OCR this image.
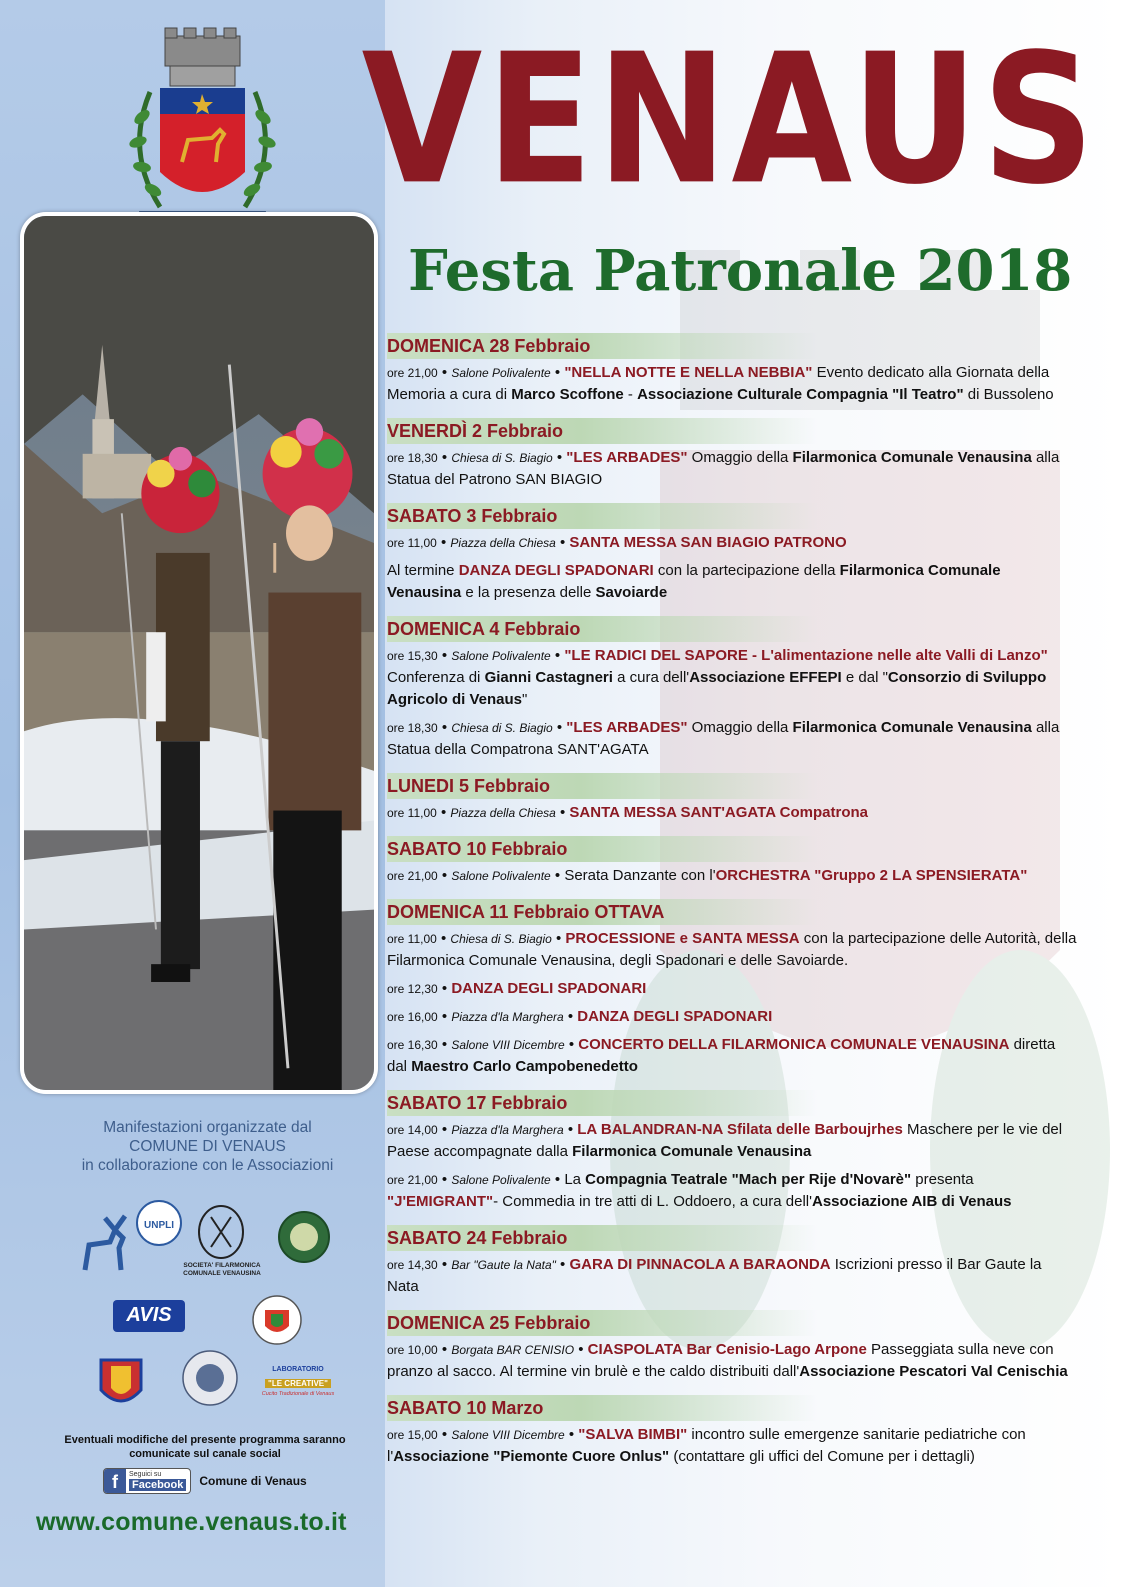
Manifestazioni organizzate dal
COMUNE DI VENAUS
in collaborazione con le Associazioni
UNPLI
SOCIETA' FILARMONICA COMUNALE VENAUSINA
AVIS
LABORATORIO
"LE CREATIVE"
Cucito Tradizionale di Venaus
Eventuali modifiche del presente programma saranno
comunicate sul canale social
f	Seguici su
Facebook Comune di Venaus
www.comune.venaus.to.it
VENAUS
Festa Patronale 2018
DOMENICA 28 Febbraio
ore 21,00 • Salone Polivalente • "NELLA NOTTE E NELLA NEBBIA" Evento dedicato alla Giornata della Memoria a cura di Marco Scoffone - Associazione Culturale Compagnia "Il Teatro" di Bussoleno
VENERDÌ 2 Febbraio
ore 18,30 • Chiesa di S. Biagio • "LES ARBADES" Omaggio della Filarmonica Comunale Venausina alla Statua del Patrono SAN BIAGIO
SABATO 3 Febbraio
ore 11,00 • Piazza della Chiesa • SANTA MESSA SAN BIAGIO PATRONO
Al termine DANZA DEGLI SPADONARI con la partecipazione della Filarmonica Comunale Venausina e la presenza delle Savoiarde
DOMENICA 4 Febbraio
ore 15,30 • Salone Polivalente • "LE RADICI DEL SAPORE - L'alimentazione nelle alte Valli di Lanzo" Conferenza di Gianni Castagneri a cura dell'Associazione EFFEPI e dal "Consorzio di Sviluppo Agricolo di Venaus"
ore 18,30 • Chiesa di S. Biagio • "LES ARBADES" Omaggio della Filarmonica Comunale Venausina alla Statua della Compatrona SANT'AGATA
LUNEDI 5 Febbraio
ore 11,00 • Piazza della Chiesa • SANTA MESSA SANT'AGATA Compatrona
SABATO 10 Febbraio
ore 21,00 • Salone Polivalente • Serata Danzante con l'ORCHESTRA "Gruppo 2 LA SPENSIERATA"
DOMENICA 11 Febbraio OTTAVA
ore 11,00 • Chiesa di S. Biagio • PROCESSIONE e SANTA MESSA con la partecipazione delle Autorità, della Filarmonica Comunale Venausina, degli Spadonari e delle Savoiarde.
ore 12,30 • DANZA DEGLI SPADONARI
ore 16,00 • Piazza d'la Marghera • DANZA DEGLI SPADONARI
ore 16,30 • Salone VIII Dicembre • CONCERTO DELLA FILARMONICA COMUNALE VENAUSINA diretta dal Maestro Carlo Campobenedetto
SABATO 17 Febbraio
ore 14,00 • Piazza d'la Marghera • LA BALANDRAN-NA Sfilata delle Barboujrhes Maschere per le vie del Paese accompagnate dalla Filarmonica Comunale Venausina
ore 21,00 • Salone Polivalente • La Compagnia Teatrale "Mach per Rije d'Novarè" presenta "J'EMIGRANT"- Commedia in tre atti di L. Oddoero, a cura dell'Associazione AIB di Venaus
SABATO 24 Febbraio
ore 14,30 • Bar "Gaute la Nata" • GARA DI PINNACOLA A BARAONDA Iscrizioni presso il Bar Gaute la Nata
DOMENICA 25 Febbraio
ore 10,00 • Borgata BAR CENISIO • CIASPOLATA Bar Cenisio-Lago Arpone Passeggiata sulla neve con pranzo al sacco. Al termine vin brulè e the caldo distribuiti dall'Associazione Pescatori Val Cenischia
SABATO 10 Marzo
ore 15,00 • Salone VIII Dicembre • "SALVA BIMBI" incontro sulle emergenze sanitarie pediatriche con l'Associazione "Piemonte Cuore Onlus" (contattare gli uffici del Comune per i dettagli)
